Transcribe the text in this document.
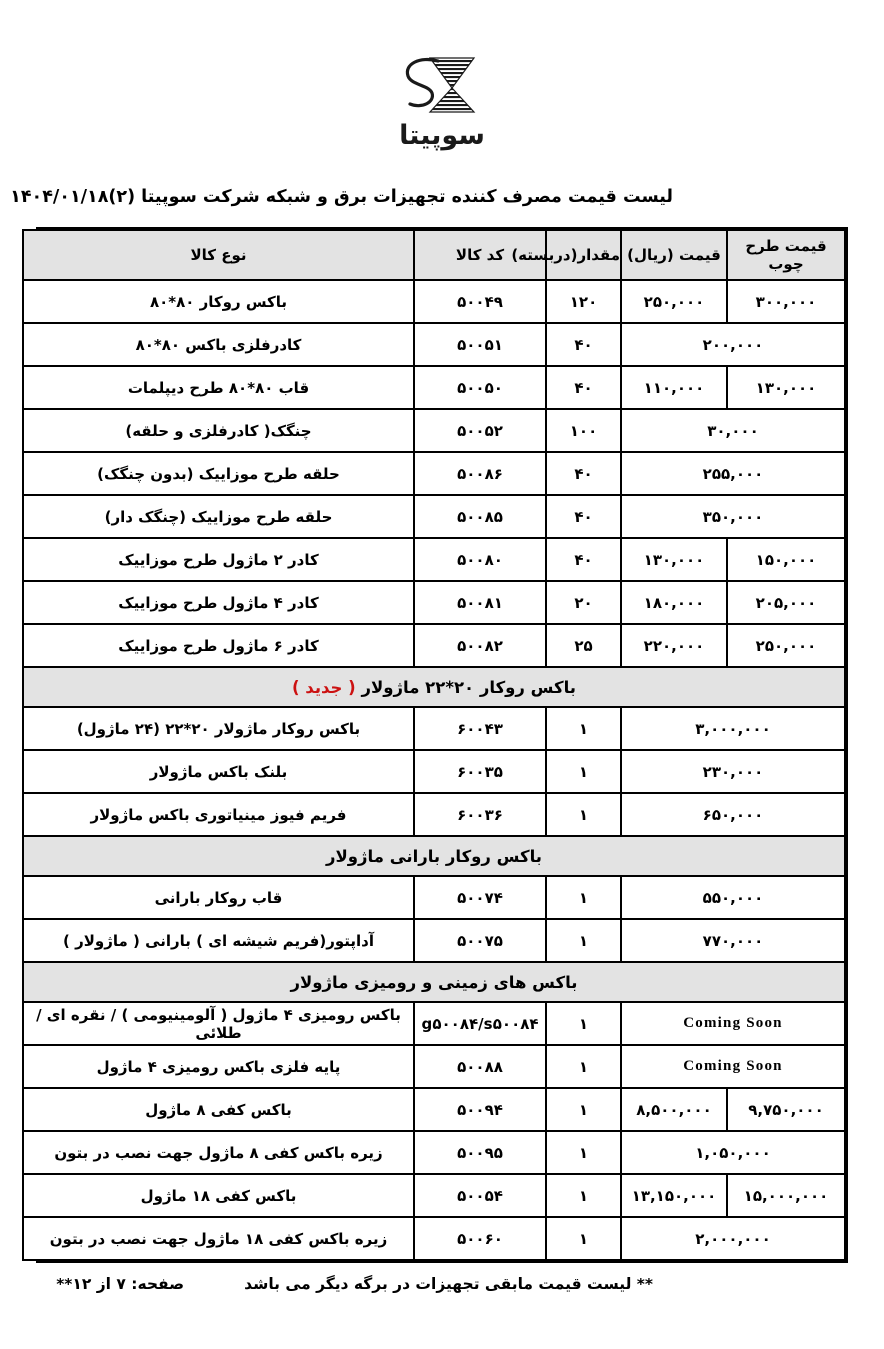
سوپیتا
لیست قیمت مصرف کننده تجهیزات برق و شبکه شرکت سوپیتا (۲)
۱۴۰۴/۰۱/۱۸
قیمت طرح چوب	قیمت (ریال)	مقدار(دربسته)	کد کالا	نوع کالا
۳۰۰,۰۰۰	۲۵۰,۰۰۰	۱۲۰	۵۰۰۴۹	باکس روکار ۸۰*۸۰
۲۰۰,۰۰۰		۴۰	۵۰۰۵۱	کادرفلزی باکس ۸۰*۸۰
۱۳۰,۰۰۰	۱۱۰,۰۰۰	۴۰	۵۰۰۵۰	قاب ۸۰*۸۰ طرح دیپلمات
۳۰,۰۰۰		۱۰۰	۵۰۰۵۲	چنگک( کادرفلزی و حلقه)
۲۵۵,۰۰۰		۴۰	۵۰۰۸۶	حلقه طرح موزاییک (بدون چنگک)
۳۵۰,۰۰۰		۴۰	۵۰۰۸۵	حلقه طرح موزاییک (چنگک دار)
۱۵۰,۰۰۰	۱۳۰,۰۰۰	۴۰	۵۰۰۸۰	کادر ۲ ماژول طرح موزاییک
۲۰۵,۰۰۰	۱۸۰,۰۰۰	۲۰	۵۰۰۸۱	کادر ۴ ماژول طرح موزاییک
۲۵۰,۰۰۰	۲۲۰,۰۰۰	۲۵	۵۰۰۸۲	کادر ۶ ماژول طرح موزاییک
باکس روکار ۲۰*۲۲ ماژولار ( جدید )				
۳,۰۰۰,۰۰۰		۱	۶۰۰۴۳	باکس روکار ماژولار ۲۰*۲۲ (۲۴ ماژول)
۲۳۰,۰۰۰		۱	۶۰۰۳۵	بلنک باکس ماژولار
۶۵۰,۰۰۰		۱	۶۰۰۳۶	فریم فیوز مینیاتوری باکس ماژولار
باکس روکار بارانی ماژولار				
۵۵۰,۰۰۰		۱	۵۰۰۷۴	قاب روکار بارانی
۷۷۰,۰۰۰		۱	۵۰۰۷۵	آداپتور(فریم شیشه ای ) بارانی ( ماژولار )
باکس های زمینی و رومیزی ماژولار				
Coming Soon		۱	g۵۰۰۸۴/s۵۰۰۸۴	باکس رومیزی ۴ ماژول ( آلومینیومی ) / نقره ای / طلائی
Coming Soon		۱	۵۰۰۸۸	پایه فلزی باکس رومیزی ۴ ماژول
۹,۷۵۰,۰۰۰	۸,۵۰۰,۰۰۰	۱	۵۰۰۹۴	باکس کفی ۸ ماژول
۱,۰۵۰,۰۰۰		۱	۵۰۰۹۵	زیره باکس کفی ۸ ماژول جهت نصب در بتون
۱۵,۰۰۰,۰۰۰	۱۳,۱۵۰,۰۰۰	۱	۵۰۰۵۴	باکس کفی ۱۸ ماژول
۲,۰۰۰,۰۰۰		۱	۵۰۰۶۰	زیره باکس کفی ۱۸ ماژول جهت نصب در بتون
** لیست قیمت مابقی تجهیزات در برگه دیگر می باشد
صفحه: ۷ از ۱۲**
